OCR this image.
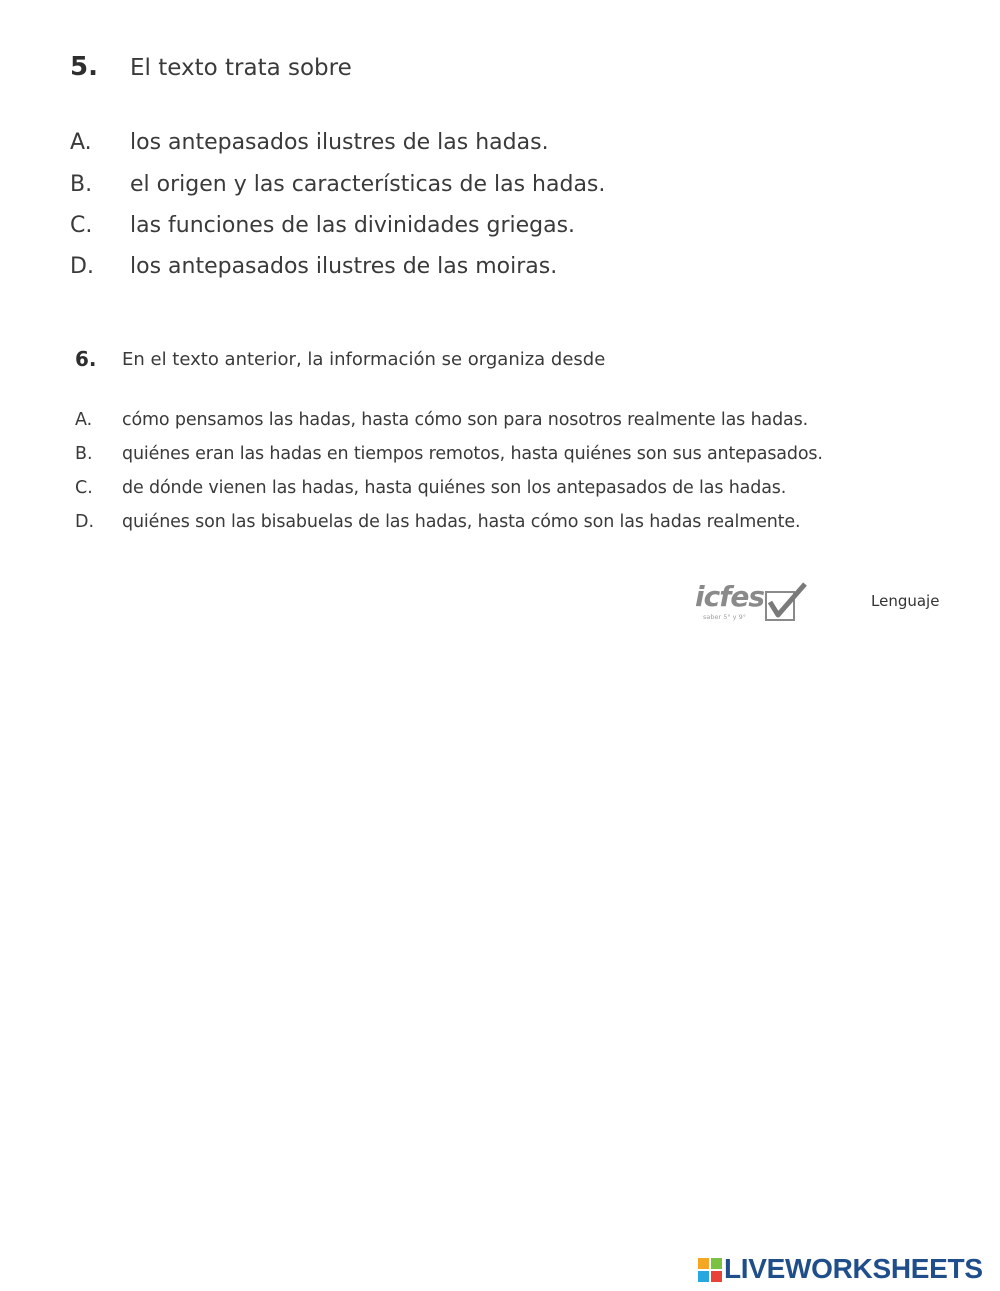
5. El texto trata sobre
A. los antepasados ilustres de las hadas.
B. el origen y las características de las hadas.
C. las funciones de las divinidades griegas.
D. los antepasados ilustres de las moiras.
6. En el texto anterior, la información se organiza desde
A. cómo pensamos las hadas, hasta cómo son para nosotros realmente las hadas.
B. quiénes eran las hadas en tiempos remotos, hasta quiénes son sus antepasados.
C. de dónde vienen las hadas, hasta quiénes son los antepasados de las hadas.
D. quiénes son las bisabuelas de las hadas, hasta cómo son las hadas realmente.
icfes
saber 5° y 9°
Lenguaje
LIVEWORKSHEETS
